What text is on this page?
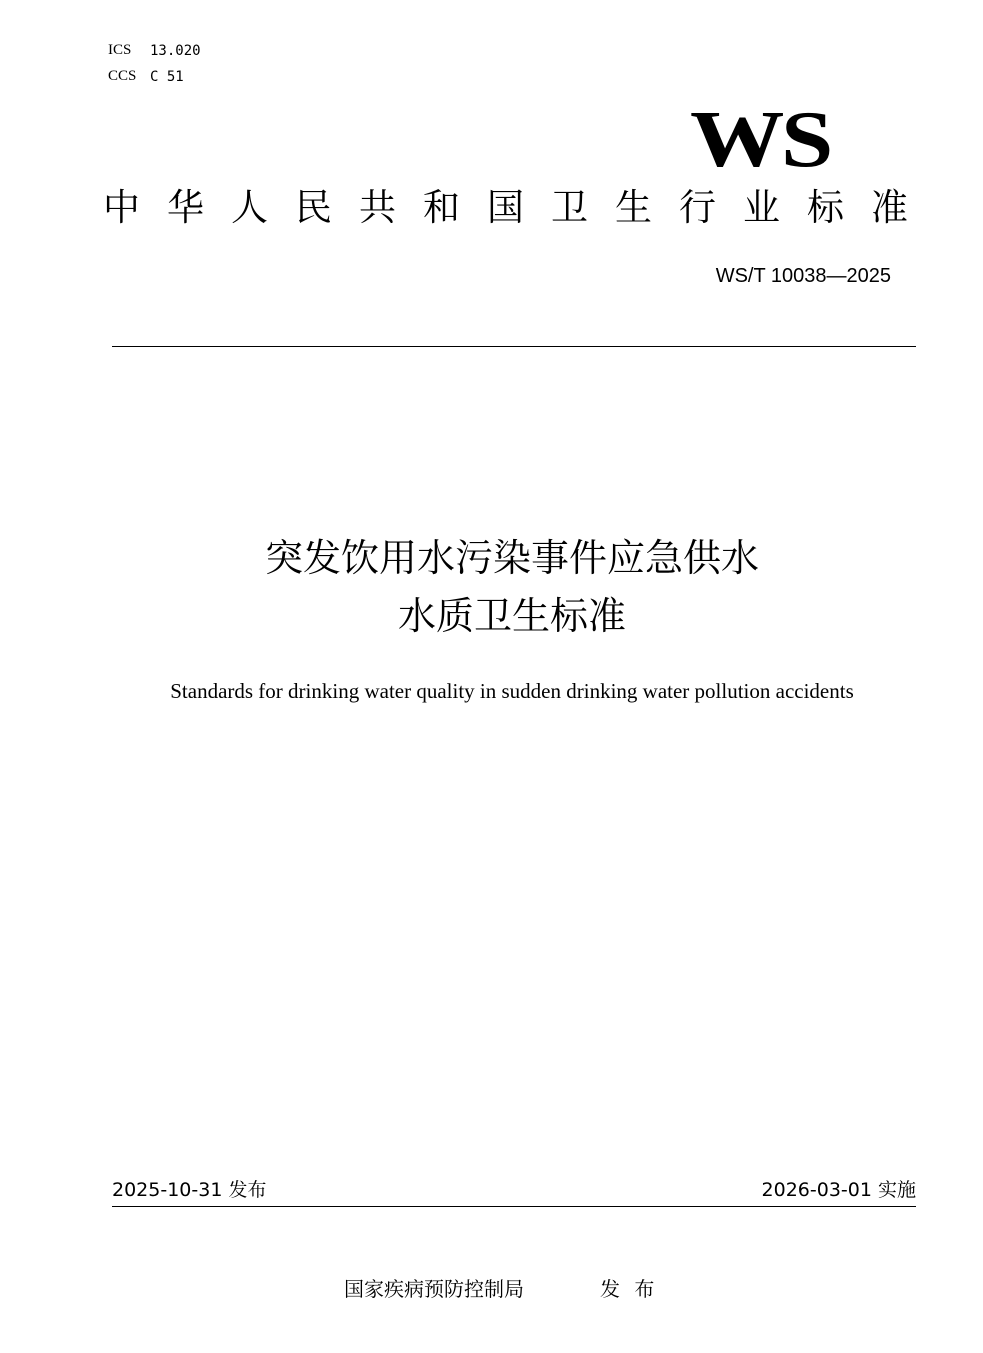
ICS 13.020
CCS C 51
WS
中 华 人 民 共 和 国 卫 生 行 业 标 准
WS/T 10038—2025
突发饮用水污染事件应急供水
水质卫生标准
Standards for drinking water quality in sudden drinking water pollution accidents
2025-10-31 发布	2026-03-01 实施
国家疾病预防控制局	发 布
